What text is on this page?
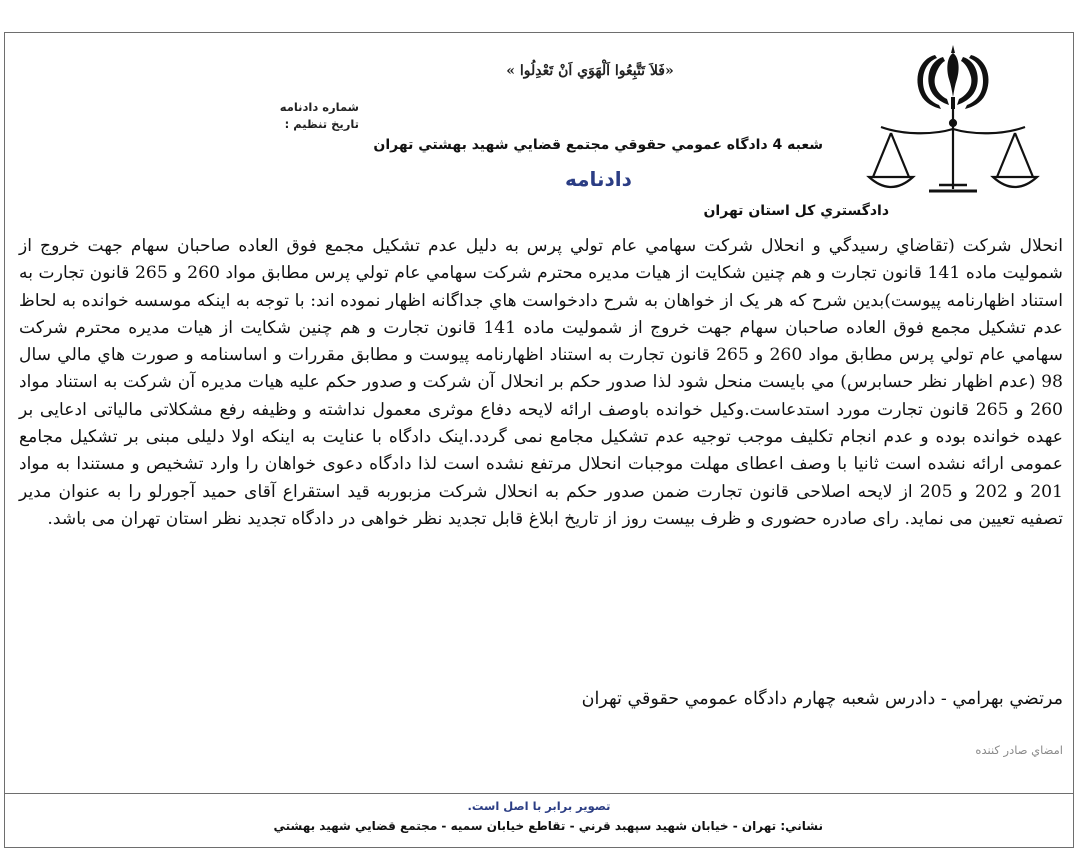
دادگستري كل استان تهران
«فَلاَ تَتَّبِعُوا اَلْهَوَي اَنْ تَعْدِلُوا »
شماره دادنامه
تاريخ تنظيم :
شعبه 4 دادگاه عمومي حقوقي مجتمع قضايي شهيد بهشتي تهران
دادنامه
انحلال شرکت (تقاضاي رسيدگي و انحلال شرکت سهامي عام تولي پرس به دليل عدم تشکيل مجمع فوق العاده صاحبان سهام جهت خروج از شموليت ماده 141 قانون تجارت و هم چنين شکايت از هيات مديره محترم شرکت سهامي عام تولي پرس مطابق مواد 260 و 265 قانون تجارت به استناد اظهارنامه پيوست)بدين شرح که هر يک از خواهان به شرح دادخواست هاي جداگانه اظهار نموده اند: با توجه به اينکه موسسه خوانده به لحاظ عدم تشکيل مجمع فوق العاده صاحبان سهام جهت خروج از شموليت ماده 141 قانون تجارت و هم چنين شکايت از هيات مديره محترم شرکت سهامي عام تولي پرس مطابق مواد 260 و 265 قانون تجارت به استناد اظهارنامه پيوست و مطابق مقررات و اساسنامه و صورت هاي مالي سال 98 (عدم اظهار نظر حسابرس) مي بايست منحل شود لذا صدور حکم بر انحلال آن شرکت و صدور حکم عليه هيات مديره آن شرکت به استناد مواد 260 و 265 قانون تجارت مورد استدعاست.وکيل خوانده باوصف ارائه لايحه دفاع موثرى معمول نداشته و وظيفه رفع مشکلاتی مالياتی ادعايی بر عهده خوانده بوده و عدم انجام تکليف موجب توجيه عدم تشکيل مجامع نمی گردد.اينک دادگاه با عنايت به اينکه اولا دليلی مبنی بر تشکيل مجامع عمومی ارائه نشده است ثانيا با وصف اعطای مهلت موجبات انحلال مرتفع نشده است لذا دادگاه دعوی خواهان را وارد تشخيص و مستندا به مواد 201 و 202 و 205 از لايحه اصلاحی قانون تجارت ضمن صدور حکم به انحلال شرکت مزبوربه قيد استقراع آقای حميد آجورلو را به عنوان مدير تصفيه تعيين می نمايد. رای صادره حضوری و ظرف بيست روز از تاريخ ابلاغ قابل تجديد نظر خواهی در دادگاه تجديد نظر استان تهران می باشد.
مرتضي بهرامي - دادرس شعبه چهارم دادگاه عمومي حقوقي تهران
امضاي صادر كننده
تصوير برابر با اصل است.
نشاني: تهران - خيابان شهيد سپهبد قرني - تقاطع خيابان سميه - مجتمع قضايي شهيد بهشتي
